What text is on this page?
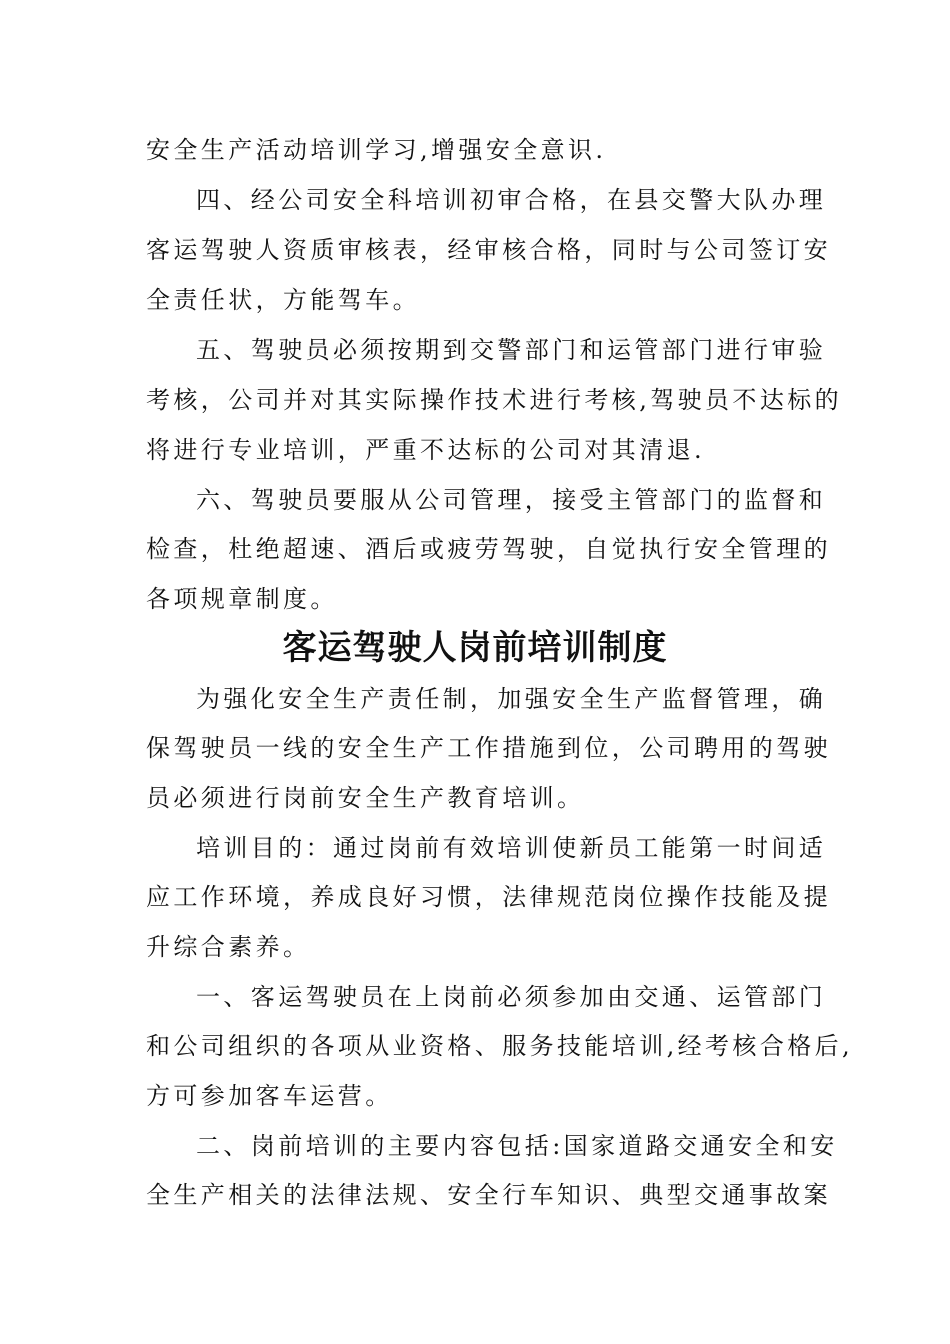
安全生产活动培训学习,增强安全意识.
四、经公司安全科培训初审合格，在县交警大队办理
客运驾驶人资质审核表，经审核合格，同时与公司签订安
全责任状，方能驾车。
五、驾驶员必须按期到交警部门和运管部门进行审验
考核，公司并对其实际操作技术进行考核,驾驶员不达标的
将进行专业培训，严重不达标的公司对其清退.
六、驾驶员要服从公司管理，接受主管部门的监督和
检查，杜绝超速、酒后或疲劳驾驶，自觉执行安全管理的
各项规章制度。
客运驾驶人岗前培训制度
为强化安全生产责任制，加强安全生产监督管理，确
保驾驶员一线的安全生产工作措施到位，公司聘用的驾驶
员必须进行岗前安全生产教育培训。
培训目的：通过岗前有效培训使新员工能第一时间适
应工作环境，养成良好习惯，法律规范岗位操作技能及提
升综合素养。
一、客运驾驶员在上岗前必须参加由交通、运管部门
和公司组织的各项从业资格、服务技能培训,经考核合格后,
方可参加客车运营。
二、岗前培训的主要内容包括:国家道路交通安全和安
全生产相关的法律法规、安全行车知识、典型交通事故案
